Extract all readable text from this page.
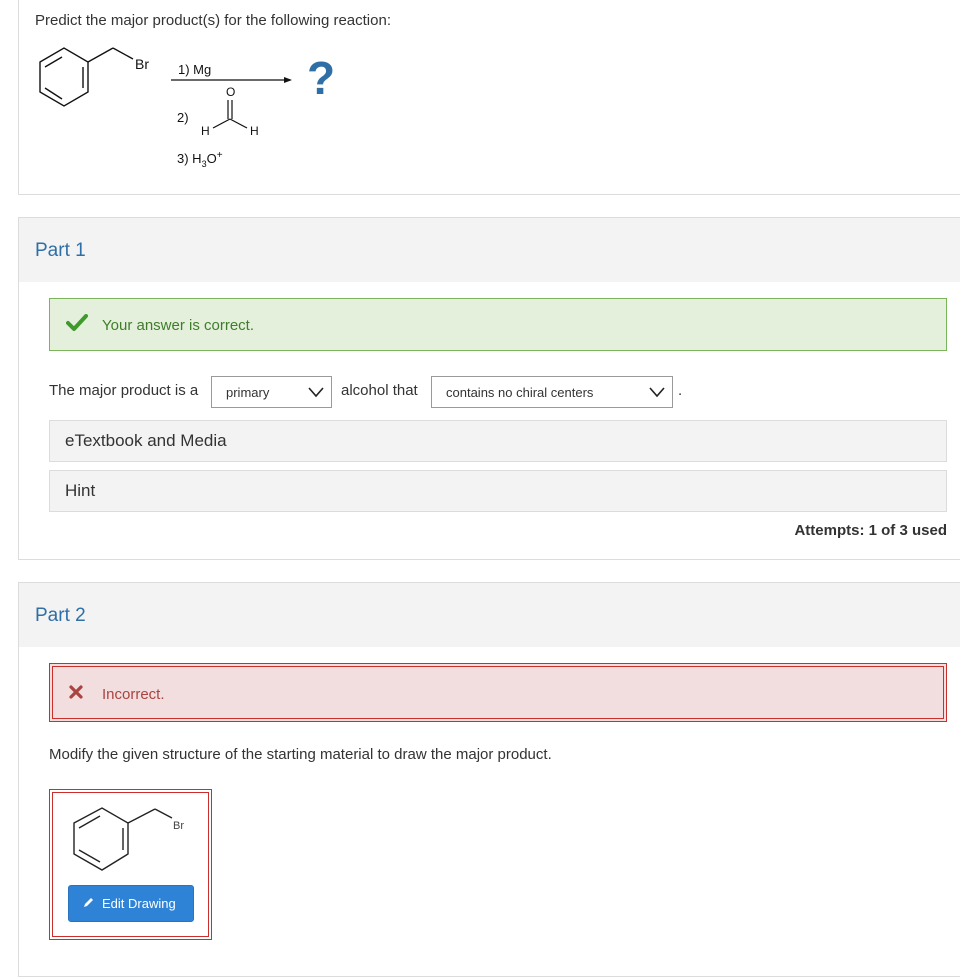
Predict the major product(s) for the following reaction:
Br 1) Mg ?
2)
O
H	H
3) $H_3O^+$
Part 1
Your answer is correct.
The major product is a primary	alcohol that contains no chiral centers	.
eTextbook and Media
Hint
Attempts: 1 of 3 used
Part 2
Incorrect.
Modify the given structure of the starting material to draw the major product.
Br
Edit Drawing
